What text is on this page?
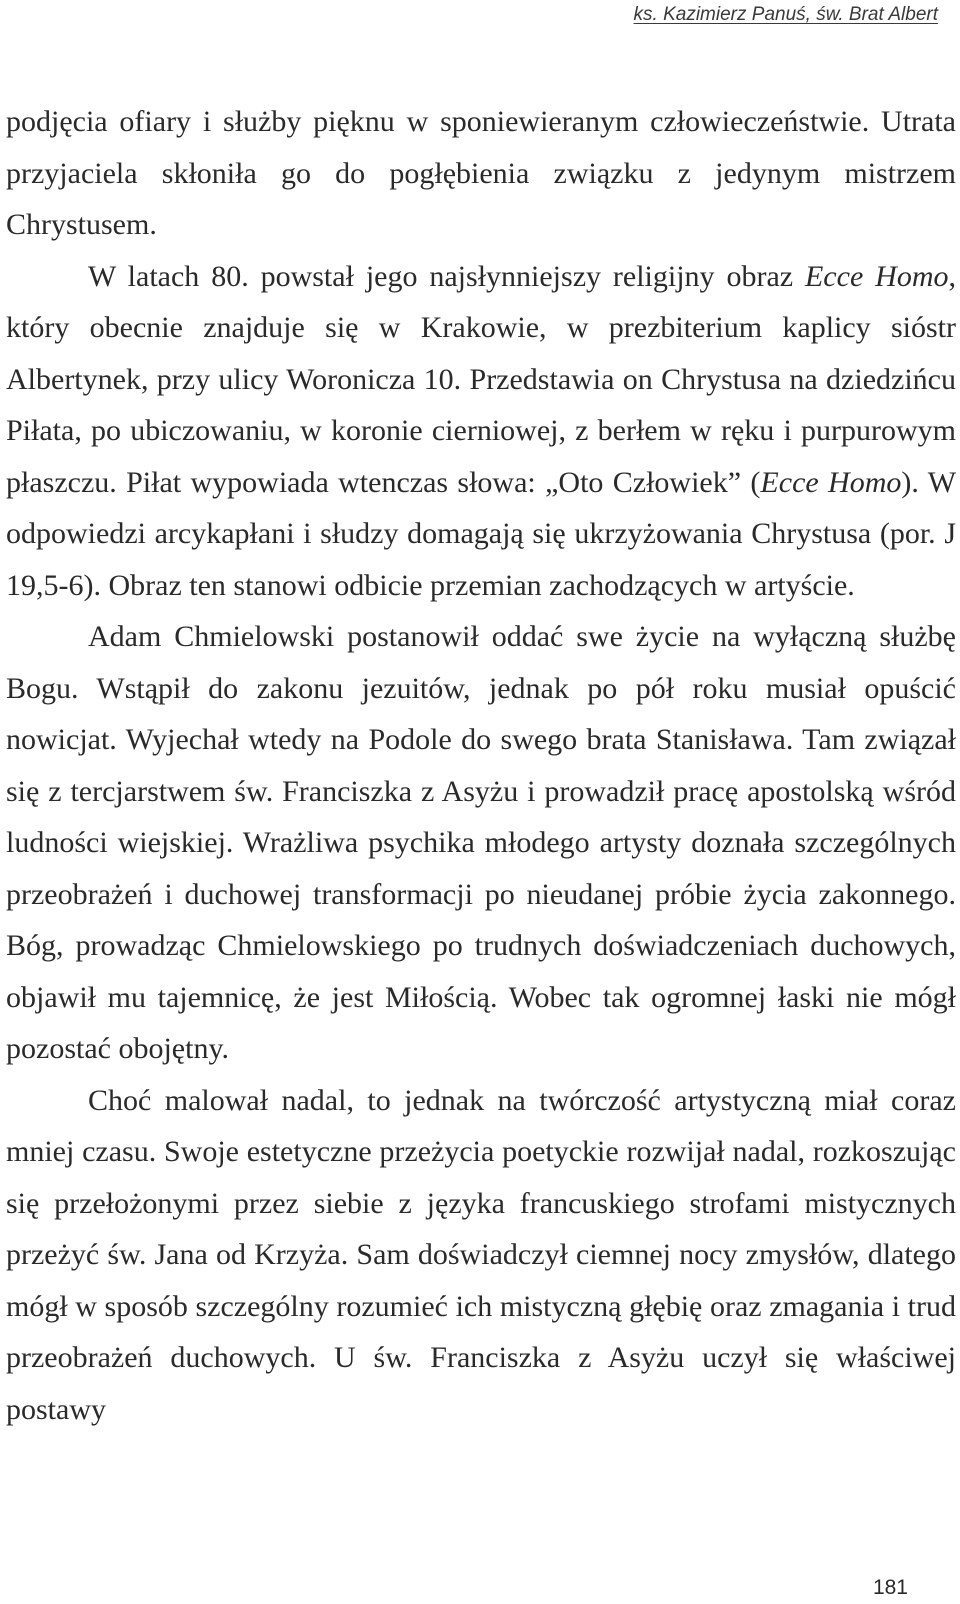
ks. Kazimierz Panuś, św. Brat Albert

podjęcia ofiary i służby pięknu w sponiewieranym człowieczeństwie. Utrata przyjaciela skłoniła go do pogłębienia związku z jedynym mistrzem Chrystusem.

W latach 80. powstał jego najsłynniejszy religijny obraz Ecce Homo, który obecnie znajduje się w Krakowie, w prezbiterium kaplicy sióstr Albertynek, przy ulicy Woronicza 10. Przedstawia on Chrystusa na dziedzińcu Piłata, po ubiczowaniu, w koronie cierniowej, z berłem w ręku i purpurowym płaszczu. Piłat wypowiada wtenczas słowa: „Oto Człowiek” (Ecce Homo). W odpowiedzi arcykapłani i słudzy domagają się ukrzyżowania Chrystusa (por. J 19,5-6). Obraz ten stanowi odbicie przemian zachodzących w artyście.

Adam Chmielowski postanowił oddać swe życie na wyłączną służbę Bogu. Wstąpił do zakonu jezuitów, jednak po pół roku musiał opuścić nowicjat. Wyjechał wtedy na Podole do swego brata Stanisława. Tam związał się z tercjarstwem św. Franciszka z Asyżu i prowadził pracę apostolską wśród ludności wiejskiej. Wrażliwa psychika młodego artysty doznała szczególnych przeobrażeń i duchowej transformacji po nieudanej próbie życia zakonnego. Bóg, prowadząc Chmielowskiego po trudnych doświadczeniach duchowych, objawił mu tajemnicę, że jest Miłością. Wobec tak ogromnej łaski nie mógł pozostać obojętny.

Choć malował nadal, to jednak na twórczość artystyczną miał coraz mniej czasu. Swoje estetyczne przeżycia poetyckie rozwijał nadal, rozkoszując się przełożonymi przez siebie z języka francuskiego strofami mistycznych przeżyć św. Jana od Krzyża. Sam doświadczył ciemnej nocy zmysłów, dlatego mógł w sposób szczególny rozumieć ich mistyczną głębię oraz zmagania i trud przeobrażeń duchowych. U św. Franciszka z Asyżu uczył się właściwej postawy

181
